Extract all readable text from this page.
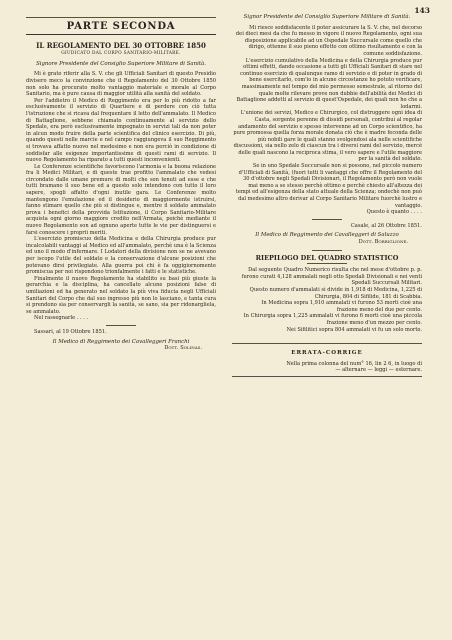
143
PARTE SECONDA
IL REGOLAMENTO DEL 30 OTTOBRE 1850
GIUDICATO DAL CORPO SANITARIO-MILITARE.
Signore Presidente del Consiglio Superiore Militare di Sanità.

Mi è grato riferir alla S. V. che gli Ufficiali Sanitari di questo Presidio divisero meco la convinzione che il Regolamento del 30 Ottobre 1850 non solo ha procurato molto vantaggio materiale e morale al Corpo Sanitario, ma è pure causa di maggior utilità alla sanità del soldato.

Per l'addietro il Medico di Reggimento era per lo più ridotto a far esclusivamente il servizio di Quartiere e di perdere con ciò tutta l'istruzione che si ricava dal frequentare il letto dell'ammalato. Il Medico di Battaglione, sebbene chiamato continuamente al servizio dello Spedale, era però esclusivamente impegnato in servizi tali da non poter in alcun modo fruire della parte scientifica del clinico esercizio. Di più, quando questi nelle marcie e nel campo raggiungeva il suo Reggimento si trovava affatto nuovo nel medesimo e non era perciò in condizione di soddisfar alle esigenze importantissime di questi rami di servizio. Il nuovo Regolamento ha riparato a tutti questi inconvenienti.

Le Conferenze scientifiche favoriscono l'armonia e la buona relazione fra li Medici Militari, e di queste trae profitto l'ammalato che vedesi circondato dalle umane premure di molti che son tenuti ad esse e che tutti bramano il suo bene ed a questo solo intendono con tutto il loro sapere, spogli affatto d'ogni inutile gara. Le Conferenze molto mantengono l'emulazione ed il desiderio di maggiormente istruirsi, fanno stimare quello che più si distingue e, mentre il soldato ammalato prova i benefici della provvida Istituzione, il Corpo Sanitario-Militare acquista ogni giorno maggiore credito nell'Armata, poichè mediante il nuovo Regolamento son ad ognuno aperte tutte le vie per distinguersi e farsi conoscere i proprii meriti.

L'esercizio promiscuo della Medicina e della Chirurgia produce pur incalcolabili vantaggi al Medico ed all'ammalato, perchè una è la Scienza ed uno il modo d'infermare. I Lodatori della divisione non se ne avevano per iscopo l'utile del soldato e la conservazione d'alcune posizioni che potevano dirsi privilegiate. Alla guerra poi chi è fa oggigiornomente promiscua per noi rispondono trionfalmente i fatti e le statistiche.

Finalmente il nuovo Regolamento ha stabilito su basi più giuste la gerarchia e la disciplina, ha cancellato alcune posizioni false di umiliazioni ed ha generato nel soldato la più viva fiducia negli Ufficiali Sanitari del Corpo che dal suo ingresso più non lo lasciano, e tanta cura si prendono sia per conservargli la sanità, se sano, sia per ridonargliela, se ammalato.

Nel rassegnarle . . . .

Sassari, al 19 Ottobre 1851.

Il Medico di Reggimento dei Cavalleggeri Franchi
Dott. Solinas.
Signor Presidente del Consiglio Superiore Militare di Sanità.

Mi riesce soddisfacente il poter assicurare la S. V. che, nel decorso dei dieci mesi da che fu messo in vigore il nuovo Regolamento, ogni sua disposizione applicabile ad un Ospedale Succursale come quello che dirigo, ottenne il suo pieno effetto con ottimo risultamento e con la comune soddisfazione.

L'esercizio cumulativo della Medicina e della Chirurgia produce pur ottimi effetti, dando occasione a tutti gli Ufficiali Sanitari di stare nel continuo esercizio di qualunque ramo di servizio e di poter in grado di bene esercitarlo, com'io in alcune circostanze ho potuto verificare, massimamente nel tempo del mio permesso semestrale, al ritorno del quale molte rilevare prove non dubbie dell'abilità dei Medici di Battaglione addetti al servizio di quest'Ospedale, dei quali non ho che a lodarmi.

L'unione dei servizi, Medico e Chirurgico, col distruggere ogni idea di Casta, sorgente perenne di dissidi personali, contribuì al regolar andamento del servizio e spesso intervenne ad un Corpo scientifico, ha pure promossa quella forza morale donata ciò che è madre feconda delle più nobili gare le quali stanno svolgendosi ala nelle scientifiche discussioni, sia nello zelo di ciascun tra i diversi rami del servizio, mercè delle quali nascono la reciproca stima, il vero sapere e l'utile maggiore per la sanità del soldato.

Se in uno Spedale Succursale non si possono, nel piccolo numero d'Ufficiali di Sanità, (fuori tutti li vantaggi che offre il Regolamento del 30 d'ottobre negli Spedali Divisionari, il Regolamento però non vuole mai meno a se stesso perchè ottimo e perchè chiesto all'altezza dei tempi ed all'esigenza della stato attuale della Scienza; ondechè non può dal medesimo altro derivar al Corpo Sanitario Militare fuorchè lustro e vantaggio.

Questo è quanto . . . .

Casale, al 26 Ottobre 1851.

Il Medico di Reggimento dei Cavalleggeri di Saluzzo
Dott. Borriglione.
RIEPILOGO DEL QUADRO STATISTICO

Dal seguente Quadro Numerico risulta che nel mese d'ottobre p. p. furono curati 4,128 ammalati negli otto Spedali Divisionali e nei venti Spedali Succursali Militari.

Questo numero d'ammalati si divide in 1,918 di Medicina, 1,225 di Chirurgia, 804 di Sifilide, 181 di Scabbia.

In Medicina sopra 1,910 ammalati vi furono 53 morti cioè una frazione meno del due per cento.

In Chirurgia sopra 1,225 ammalati vi furono 6 morti cioè una piccola frazione meno d'un mezzo per cento.

Nei Sifilitici sopra 804 ammalati vi fu un solo morto.

ERRATA-CORRIGE

Nella prima colonna del num° 16, lin 2 6, in luogo di

— alternare — leggi — esternare.
